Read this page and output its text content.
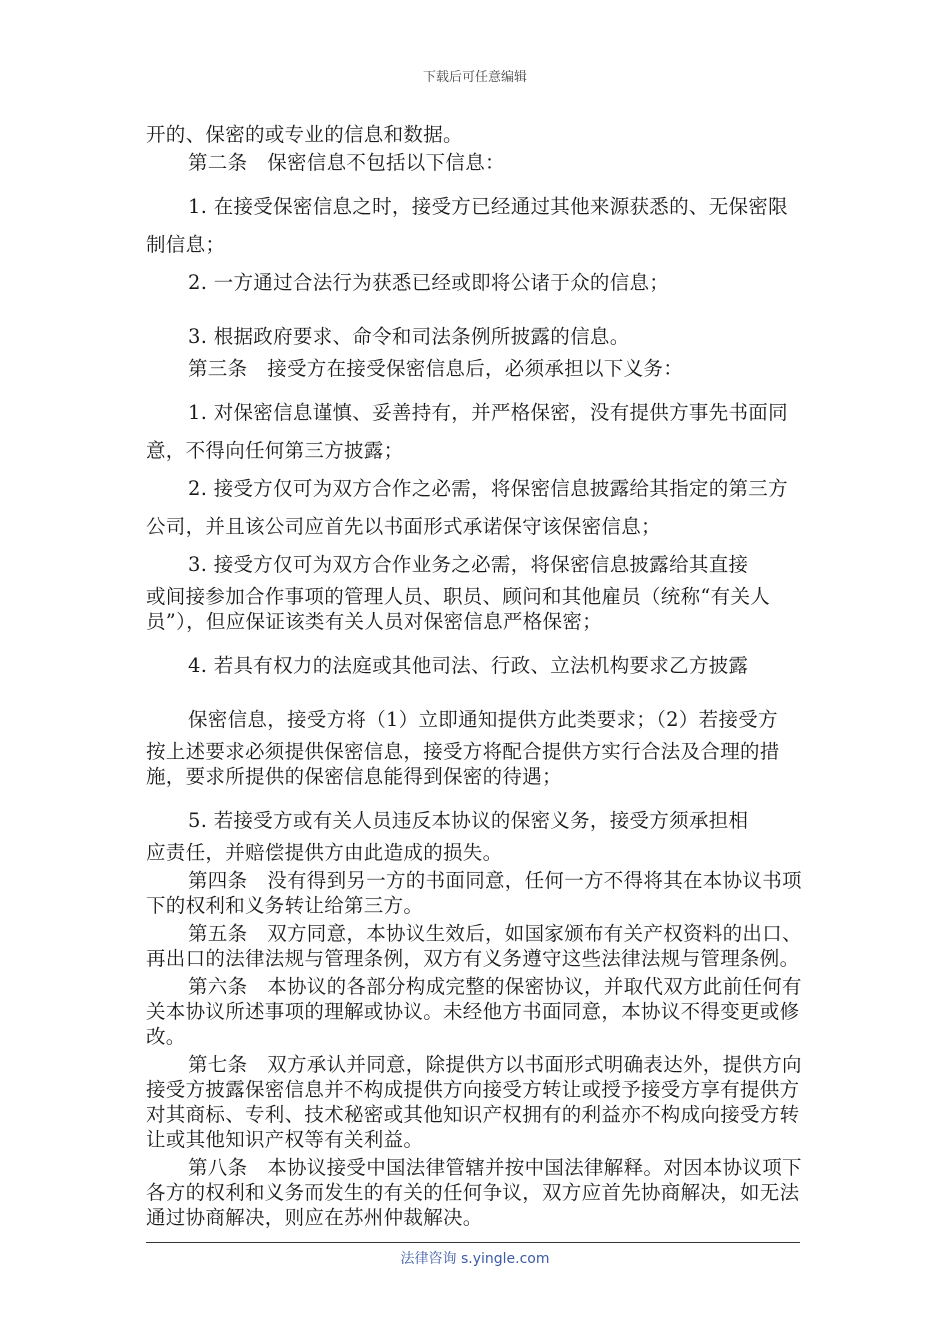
下载后可任意编辑

开的、保密的或专业的信息和数据。

第二条　保密信息不包括以下信息：

1. 在接受保密信息之时，接受方已经通过其他来源获悉的、无保密限制信息；

2. 一方通过合法行为获悉已经或即将公诸于众的信息；

3. 根据政府要求、命令和司法条例所披露的信息。

第三条　接受方在接受保密信息后，必须承担以下义务：

1. 对保密信息谨慎、妥善持有，并严格保密，没有提供方事先书面同意，不得向任何第三方披露；

2. 接受方仅可为双方合作之必需，将保密信息披露给其指定的第三方公司，并且该公司应首先以书面形式承诺保守该保密信息；

3. 接受方仅可为双方合作业务之必需，将保密信息披露给其直接

或间接参加合作事项的管理人员、职员、顾问和其他雇员（统称“有关人员”），但应保证该类有关人员对保密信息严格保密；

4. 若具有权力的法庭或其他司法、行政、立法机构要求乙方披露

保密信息，接受方将（1）立即通知提供方此类要求；（2）若接受方

按上述要求必须提供保密信息，接受方将配合提供方实行合法及合理的措施，要求所提供的保密信息能得到保密的待遇；

5. 若接受方或有关人员违反本协议的保密义务，接受方须承担相

应责任，并赔偿提供方由此造成的损失。

第四条　没有得到另一方的书面同意，任何一方不得将其在本协议书项下的权利和义务转让给第三方。

第五条　双方同意，本协议生效后，如国家颁布有关产权资料的出口、再出口的法律法规与管理条例，双方有义务遵守这些法律法规与管理条例。

第六条　本协议的各部分构成完整的保密协议，并取代双方此前任何有关本协议所述事项的理解或协议。未经他方书面同意，本协议不得变更或修改。

第七条　双方承认并同意，除提供方以书面形式明确表达外，提供方向接受方披露保密信息并不构成提供方向接受方转让或授予接受方享有提供方对其商标、专利、技术秘密或其他知识产权拥有的利益亦不构成向接受方转让或其他知识产权等有关利益。

第八条　本协议接受中国法律管辖并按中国法律解释。对因本协议项下各方的权利和义务而发生的有关的任何争议，双方应首先协商解决，如无法通过协商解决，则应在苏州仲裁解决。

法律咨询 s.yingle.com
